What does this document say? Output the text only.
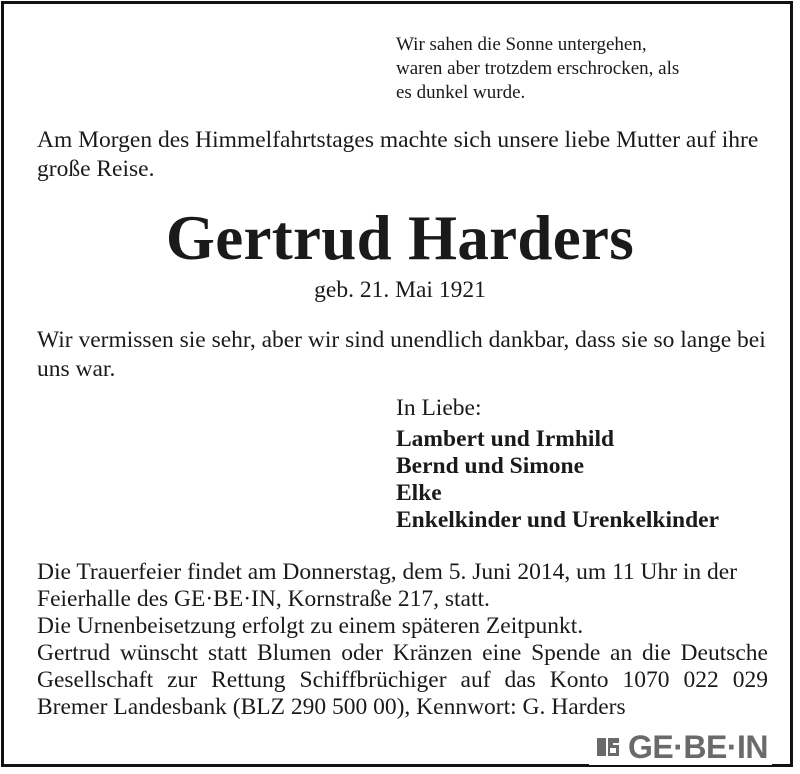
Wir sahen die Sonne untergehen,
waren aber trotzdem erschrocken, als
es dunkel wurde.
Am Morgen des Himmelfahrtstages machte sich unsere liebe Mutter auf ihre große Reise.
Gertrud Harders
geb. 21. Mai 1921
Wir vermissen sie sehr, aber wir sind unendlich dankbar, dass sie so lange bei uns war.
In Liebe:
Lambert und Irmhild
Bernd und Simone
Elke
Enkelkinder und Urenkelkinder

Die Trauerfeier findet am Donnerstag, dem 5. Juni 2014, um 11 Uhr in der Feierhalle des GE·BE·IN, Kornstraße 217, statt.

Die Urnenbeisetzung erfolgt zu einem späteren Zeitpunkt.

Gertrud wünscht statt Blumen oder Kränzen eine Spende an die Deutsche Gesellschaft zur Rettung Schiffbrüchiger auf das Konto 1070 022 029 Bremer Landesbank (BLZ 290 500 00), Kennwort: G. Harders

GE·BE·IN
